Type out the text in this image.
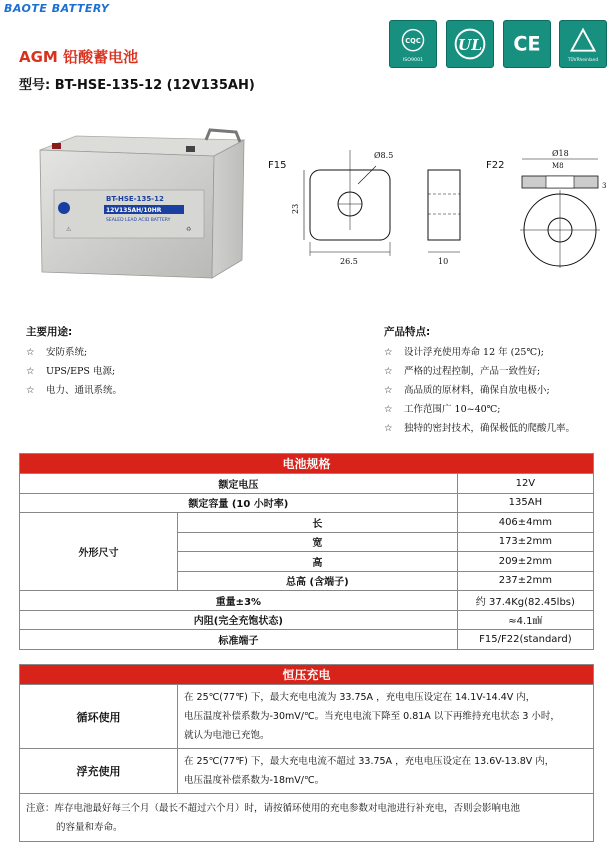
BAOTE BATTERY
AGM 铅酸蓄电池
型号: BT-HSE-135-12 (12V135AH)
CQC
ISO9001
UL CE
TÜVRheinland
BT-HSE-135-12
12V135AH/10HR
SEALED LEAD ACID BATTERY
⚠	♻
F15
Ø8.5
23
26.5	10
F22
Ø18
M8
3
主要用途:
☆ 安防系统;
☆ UPS/EPS 电源;
☆ 电力、通讯系统。
产品特点:
☆ 设计浮充使用寿命 12 年 (25℃);
☆ 严格的过程控制，产品一致性好;
☆ 高品质的原材料，确保自放电极小;
☆ 工作范围广 10~40℃;
☆ 独特的密封技术，确保极低的爬酸几率。
电池规格		
额定电压		12V
额定容量 (10 小时率)		135AH
外形尺寸	长	406±4mm
	宽	173±2mm
	高	209±2mm
	总高 (含端子)	237±2mm
重量±3%		约 37.4Kg(82.45lbs)
内阻(完全充饱状态)		≈4.1㎽
标准端子		F15/F22(standard)
恒压充电
循环使用
在 25℃(77℉) 下，最大充电电流为 33.75A ，充电电压设定在 14.1V-14.4V 内，
电压温度补偿系数为-30mV/℃。当充电电流下降至 0.81A 以下再维持充电状态 3 小时，
就认为电池已充饱。
浮充使用
在 25℃(77℉) 下，最大充电电流不超过 33.75A ，充电电压设定在 13.6V-13.8V 内，
电压温度补偿系数为-18mV/℃。
注意：库存电池最好每三个月（最长不超过六个月）时，请按循环使用的充电参数对电池进行补充电，否则会影响电池
的容量和寿命。
